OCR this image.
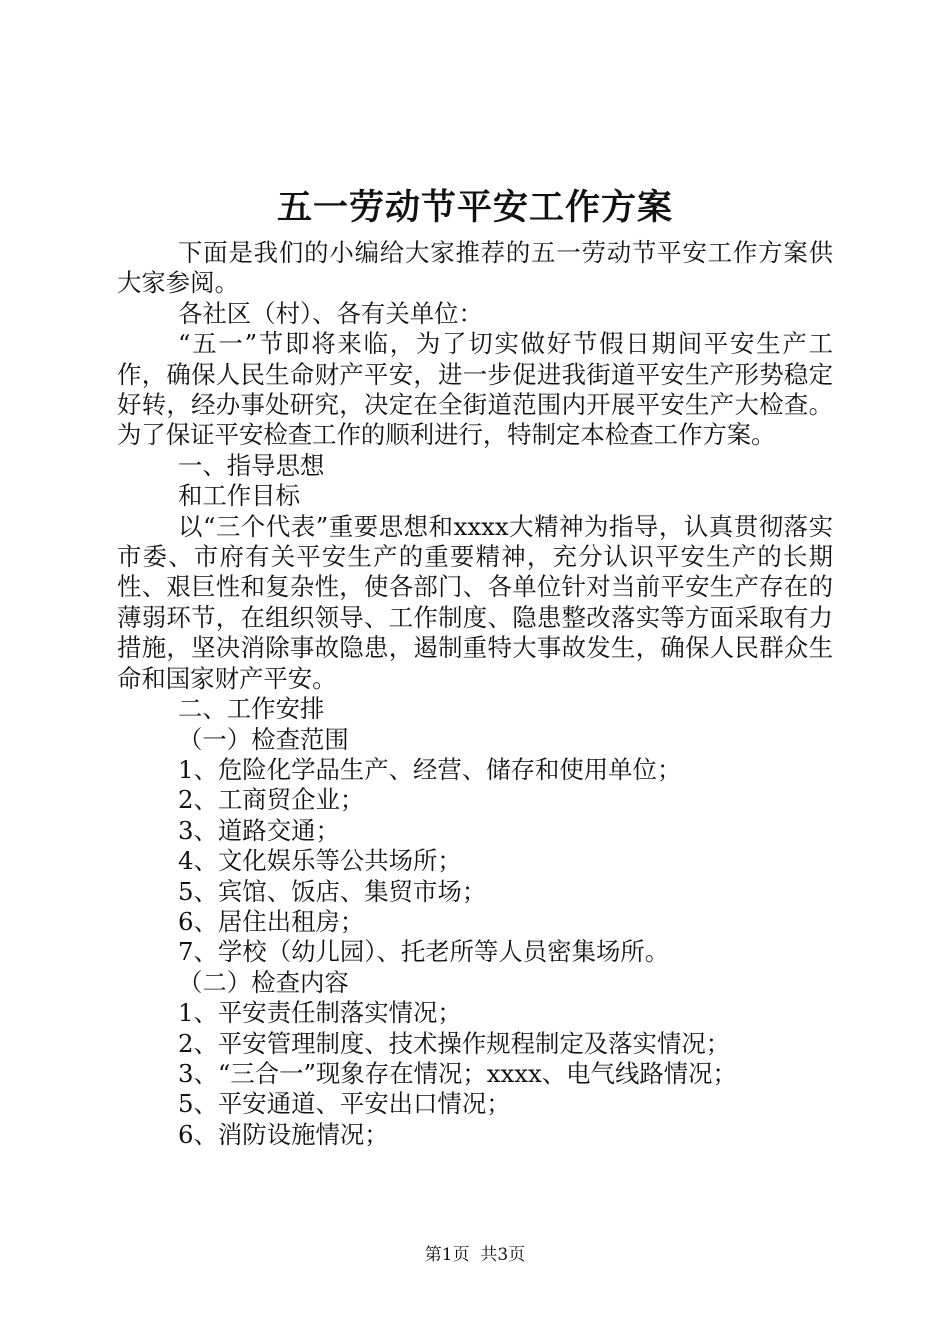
五一劳动节平安工作方案

下面是我们的小编给大家推荐的五一劳动节平安工作方案供大家参阅。

各社区（村）、各有关单位：

“五一”节即将来临，为了切实做好节假日期间平安生产工作，确保人民生命财产平安，进一步促进我街道平安生产形势稳定好转，经办事处研究，决定在全街道范围内开展平安生产大检查。为了保证平安检查工作的顺利进行，特制定本检查工作方案。

一、指导思想

和工作目标

以“三个代表”重要思想和xxxx大精神为指导，认真贯彻落实市委、市府有关平安生产的重要精神，充分认识平安生产的长期性、艰巨性和复杂性，使各部门、各单位针对当前平安生产存在的薄弱环节，在组织领导、工作制度、隐患整改落实等方面采取有力措施，坚决消除事故隐患，遏制重特大事故发生，确保人民群众生命和国家财产平安。

二、工作安排

（一）检查范围

1、危险化学品生产、经营、储存和使用单位；

2、工商贸企业；

3、道路交通；

4、文化娱乐等公共场所；

5、宾馆、饭店、集贸市场；

6、居住出租房；

7、学校（幼儿园）、托老所等人员密集场所。

（二）检查内容

1、平安责任制落实情况；

2、平安管理制度、技术操作规程制定及落实情况；

3、“三合一”现象存在情况；xxxx、电气线路情况；

5、平安通道、平安出口情况；

6、消防设施情况；

第1页 共3页
